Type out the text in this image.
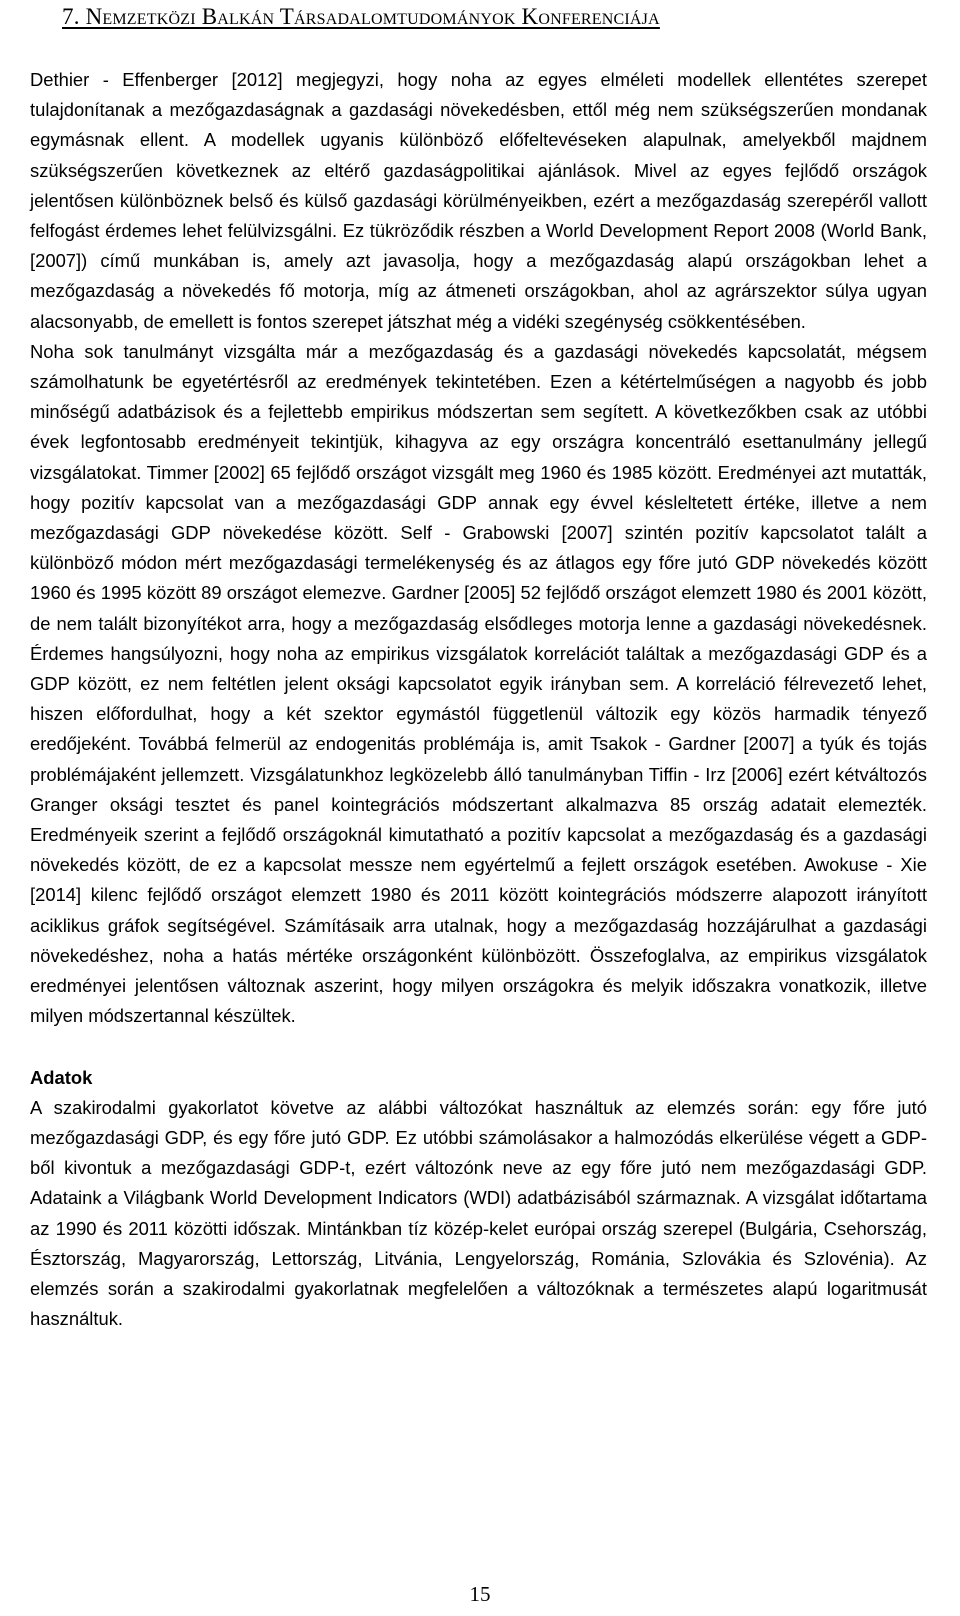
7. Nemzetközi Balkán Társadalomtudományok Konferenciája

Dethier - Effenberger [2012] megjegyzi, hogy noha az egyes elméleti modellek ellentétes szerepet tulajdonítanak a mezőgazdaságnak a gazdasági növekedésben, ettől még nem szükségszerűen mondanak egymásnak ellent. A modellek ugyanis különböző előfeltevéseken alapulnak, amelyekből majdnem szükségszerűen következnek az eltérő gazdaságpolitikai ajánlások. Mivel az egyes fejlődő országok jelentősen különböznek belső és külső gazdasági körülményeikben, ezért a mezőgazdaság szerepéről vallott felfogást érdemes lehet felülvizsgálni. Ez tükröződik részben a World Development Report 2008 (World Bank, [2007]) című munkában is, amely azt javasolja, hogy a mezőgazdaság alapú országokban lehet a mezőgazdaság a növekedés fő motorja, míg az átmeneti országokban, ahol az agrárszektor súlya ugyan alacsonyabb, de emellett is fontos szerepet játszhat még a vidéki szegénység csökkentésében.

Noha sok tanulmányt vizsgálta már a mezőgazdaság és a gazdasági növekedés kapcsolatát, mégsem számolhatunk be egyetértésről az eredmények tekintetében. Ezen a kétértelműségen a nagyobb és jobb minőségű adatbázisok és a fejlettebb empirikus módszertan sem segített. A következőkben csak az utóbbi évek legfontosabb eredményeit tekintjük, kihagyva az egy országra koncentráló esettanulmány jellegű vizsgálatokat. Timmer [2002] 65 fejlődő országot vizsgált meg 1960 és 1985 között. Eredményei azt mutatták, hogy pozitív kapcsolat van a mezőgazdasági GDP annak egy évvel késleltetett értéke, illetve a nem mezőgazdasági GDP növekedése között. Self - Grabowski [2007] szintén pozitív kapcsolatot talált a különböző módon mért mezőgazdasági termelékenység és az átlagos egy főre jutó GDP növekedés között 1960 és 1995 között 89 országot elemezve. Gardner [2005] 52 fejlődő országot elemzett 1980 és 2001 között, de nem talált bizonyítékot arra, hogy a mezőgazdaság elsődleges motorja lenne a gazdasági növekedésnek. Érdemes hangsúlyozni, hogy noha az empirikus vizsgálatok korrelációt találtak a mezőgazdasági GDP és a GDP között, ez nem feltétlen jelent oksági kapcsolatot egyik irányban sem. A korreláció félrevezető lehet, hiszen előfordulhat, hogy a két szektor egymástól függetlenül változik egy közös harmadik tényező eredőjeként. Továbbá felmerül az endogenitás problémája is, amit Tsakok - Gardner [2007] a tyúk és tojás problémájaként jellemzett. Vizsgálatunkhoz legközelebb álló tanulmányban Tiffin - Irz [2006] ezért kétváltozós Granger oksági tesztet és panel kointegrációs módszertant alkalmazva 85 ország adatait elemezték. Eredményeik szerint a fejlődő országoknál kimutatható a pozitív kapcsolat a mezőgazdaság és a gazdasági növekedés között, de ez a kapcsolat messze nem egyértelmű a fejlett országok esetében. Awokuse - Xie [2014] kilenc fejlődő országot elemzett 1980 és 2011 között kointegrációs módszerre alapozott irányított aciklikus gráfok segítségével. Számításaik arra utalnak, hogy a mezőgazdaság hozzájárulhat a gazdasági növekedéshez, noha a hatás mértéke országonként különbözött. Összefoglalva, az empirikus vizsgálatok eredményei jelentősen változnak aszerint, hogy milyen országokra és melyik időszakra vonatkozik, illetve milyen módszertannal készültek.

Adatok

A szakirodalmi gyakorlatot követve az alábbi változókat használtuk az elemzés során: egy főre jutó mezőgazdasági GDP, és egy főre jutó GDP. Ez utóbbi számolásakor a halmozódás elkerülése végett a GDP-ből kivontuk a mezőgazdasági GDP-t, ezért változónk neve az egy főre jutó nem mezőgazdasági GDP. Adataink a Világbank World Development Indicators (WDI) adatbázisából származnak. A vizsgálat időtartama az 1990 és 2011 közötti időszak. Mintánkban tíz közép-kelet európai ország szerepel (Bulgária, Csehország, Észtország, Magyarország, Lettország, Litvánia, Lengyelország, Románia, Szlovákia és Szlovénia). Az elemzés során a szakirodalmi gyakorlatnak megfelelően a változóknak a természetes alapú logaritmusát használtuk.

15
